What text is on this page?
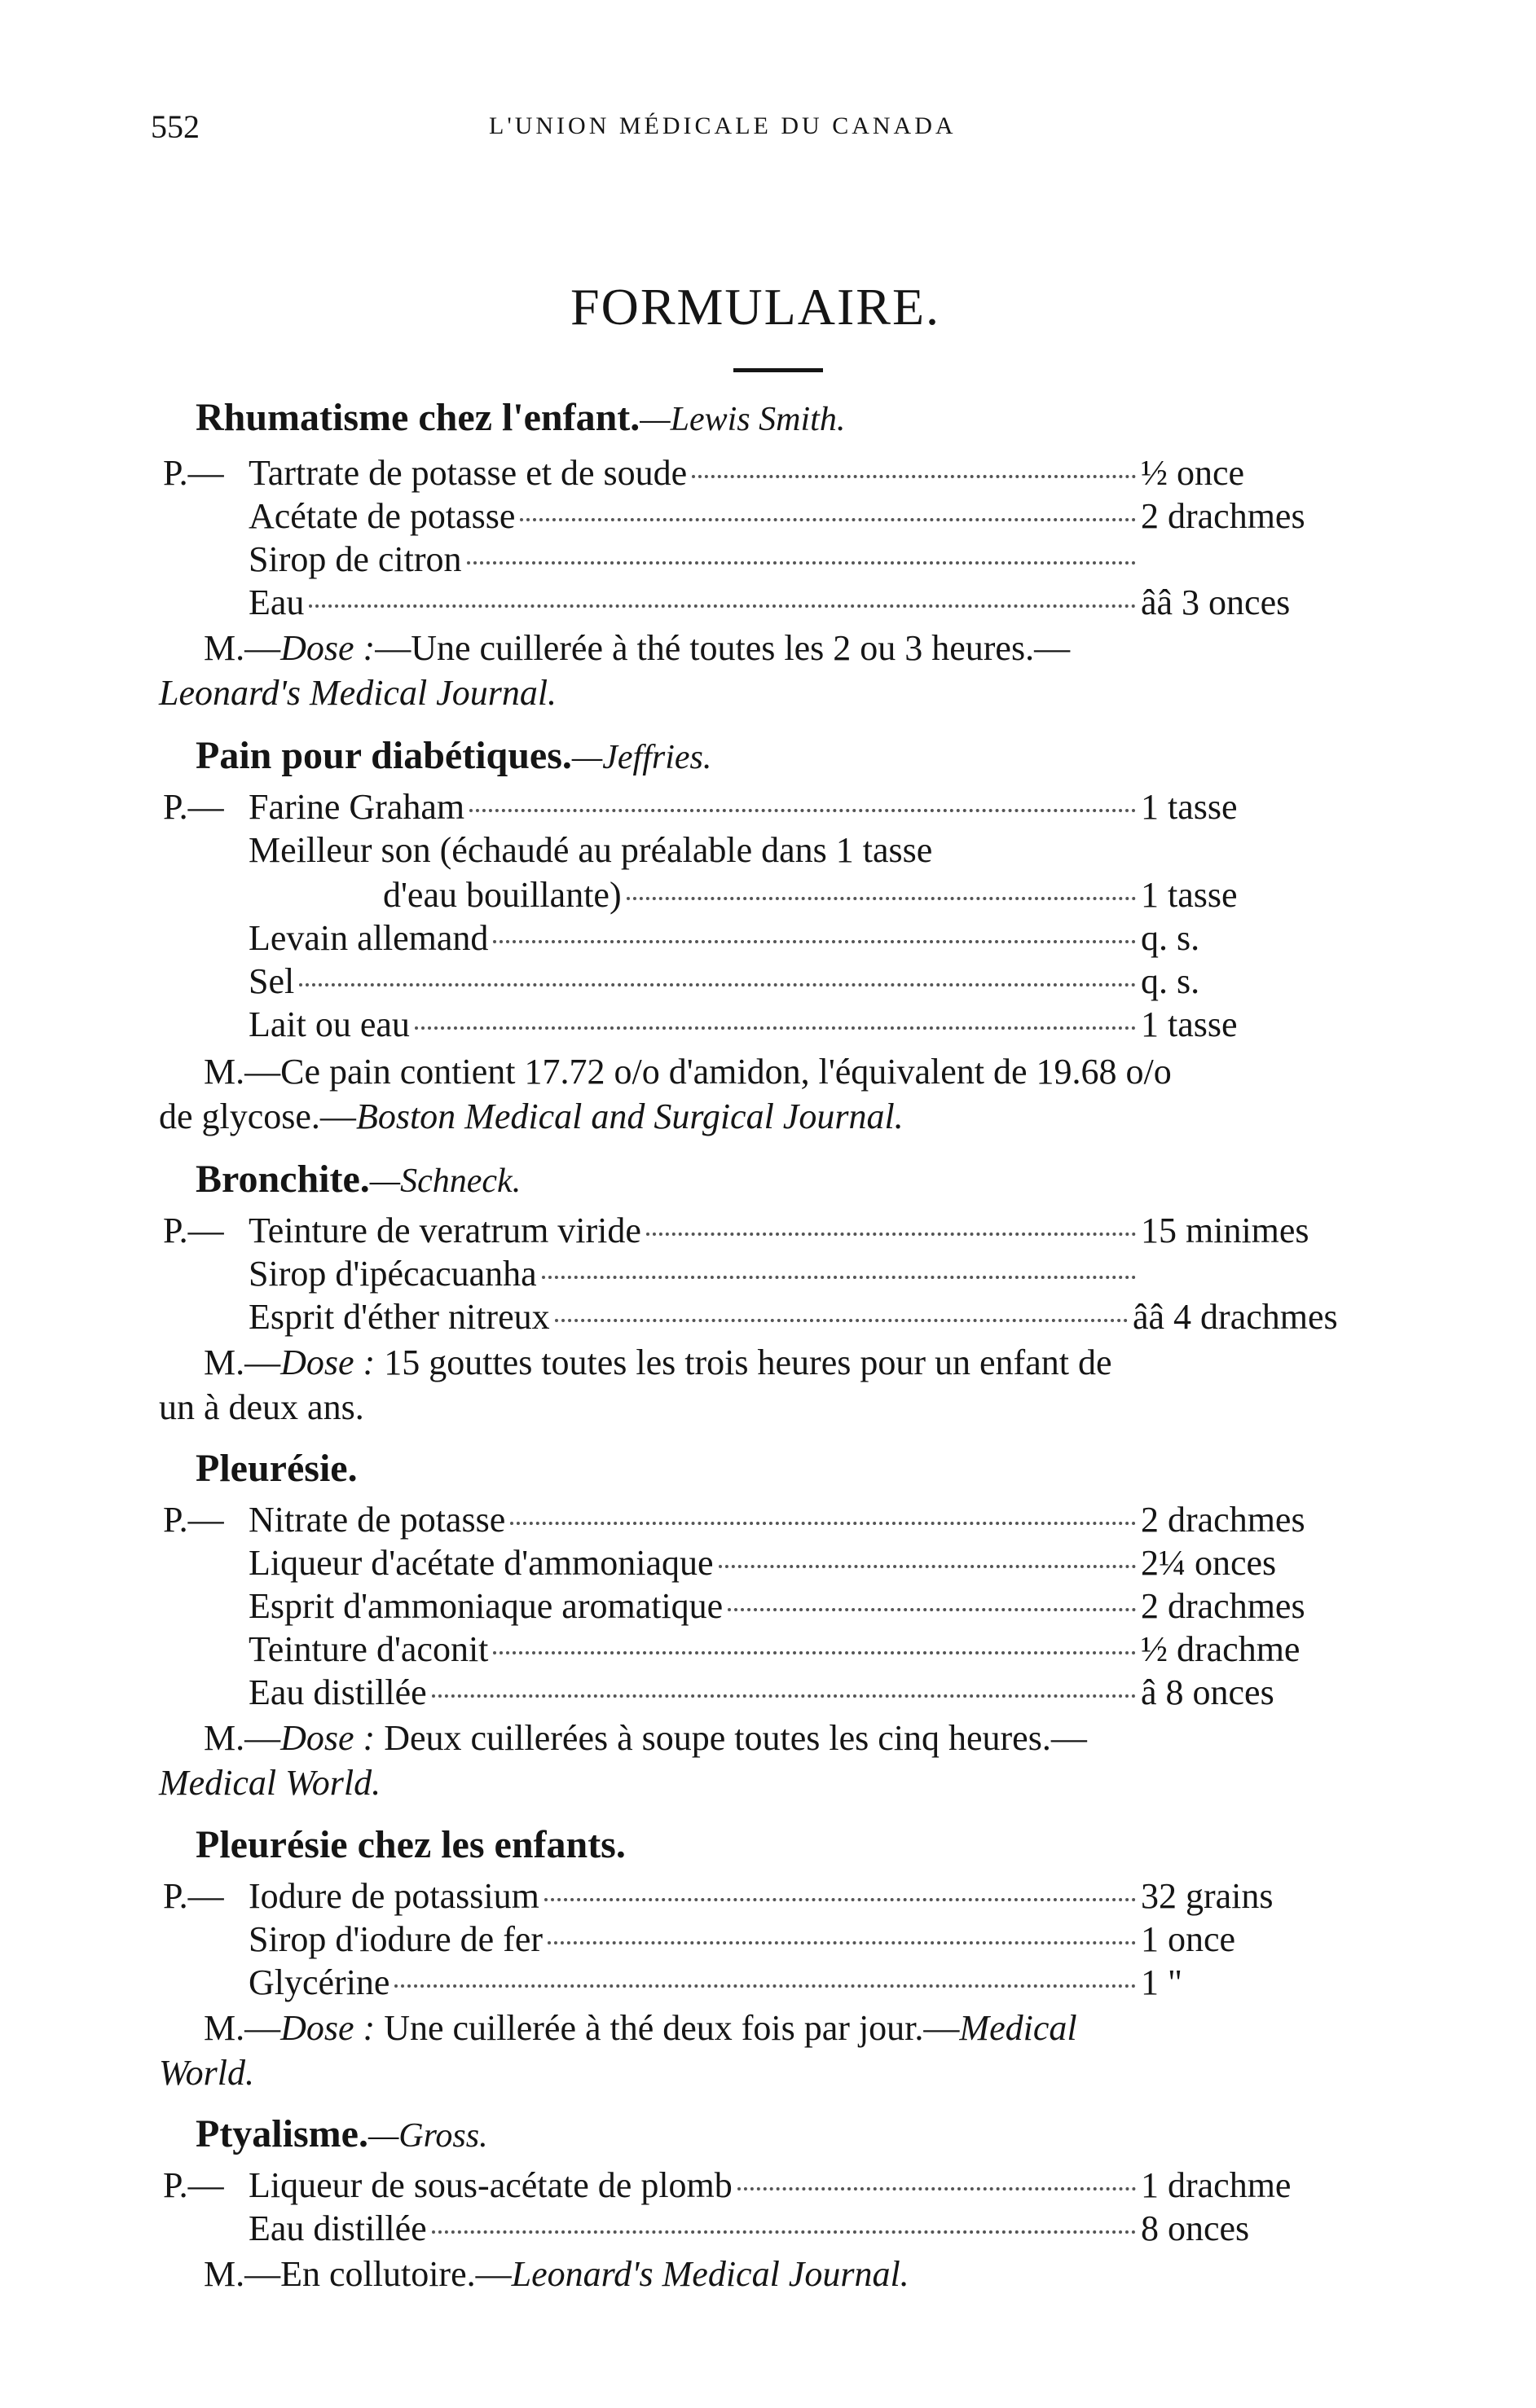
552	L'UNION MÉDICALE DU CANADA
FORMULAIRE.
Rhumatisme chez l'enfant.—Lewis Smith.
P.— Tartrate de potasse et de soude	½ once
Acétate de potasse	2 drachmes
Sirop de citron
Eau	ââ 3 onces
M.—Dose :—Une cuillerée à thé toutes les 2 ou 3 heures.—
Leonard's Medical Journal.
Pain pour diabétiques.—Jeffries.
P.— Farine Graham	1 tasse
Meilleur son (échaudé au préalable dans 1 tasse
d'eau bouillante)	1 tasse
Levain allemand	q. s.
Sel	q. s.
Lait ou eau	1 tasse
M.—Ce pain contient 17.72 o/o d'amidon, l'équivalent de 19.68 o/o
de glycose.—Boston Medical and Surgical Journal.
Bronchite.—Schneck.
P.— Teinture de veratrum viride	15 minimes
Sirop d'ipécacuanha
Esprit d'éther nitreux	ââ 4 drachmes
M.—Dose : 15 gouttes toutes les trois heures pour un enfant de
un à deux ans.
Pleurésie.
P.— Nitrate de potasse	2 drachmes
Liqueur d'acétate d'ammoniaque	2¼ onces
Esprit d'ammoniaque aromatique	2 drachmes
Teinture d'aconit	½ drachme
Eau distillée	â 8 onces
M.—Dose : Deux cuillerées à soupe toutes les cinq heures.—
Medical World.
Pleurésie chez les enfants.
P.— Iodure de potassium	32 grains
Sirop d'iodure de fer	1 once
Glycérine	1 "
M.—Dose : Une cuillerée à thé deux fois par jour.—Medical
World.
Ptyalisme.—Gross.
P.— Liqueur de sous-acétate de plomb	1 drachme
Eau distillée	8 onces
M.—En collutoire.—Leonard's Medical Journal.
